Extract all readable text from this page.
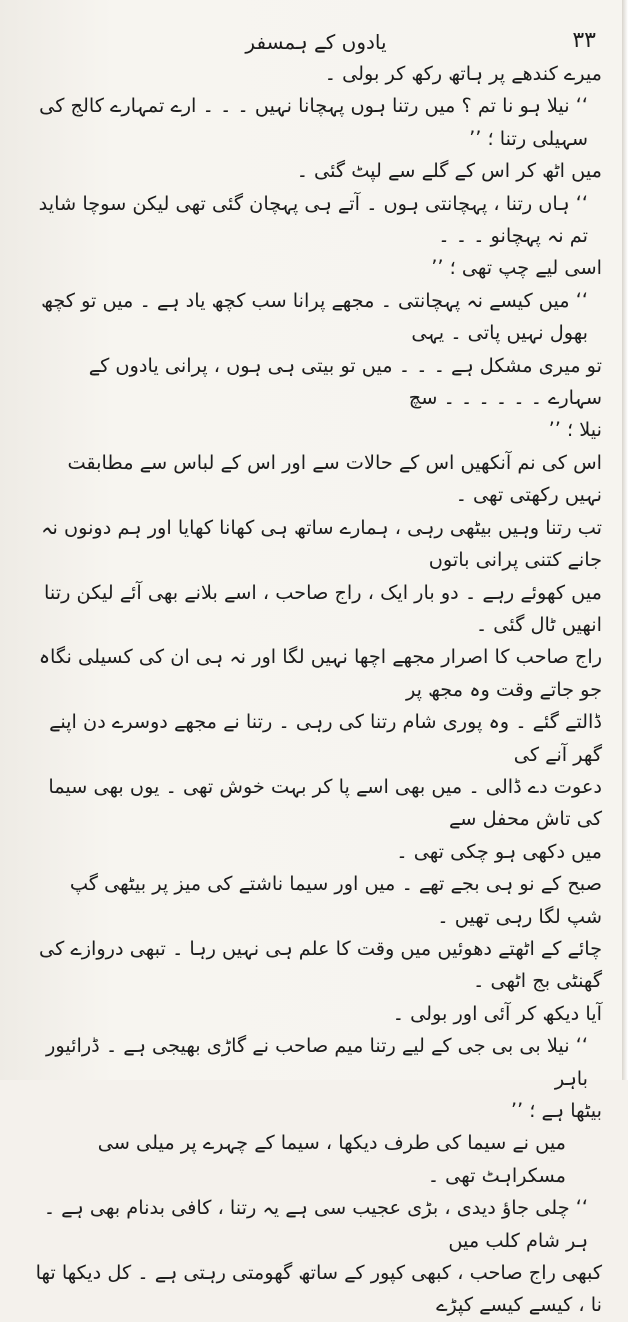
۳۳
یادوں کے ہمسفر

میرے کندھے پر ہاتھ رکھ کر بولی ۔

‘‘ نیلا ہو نا تم ؟ میں رتنا ہوں پہچانا نہیں ۔ ۔ ۔ ارے تمہارے کالج کی سہیلی رتنا ؛ ’’

میں اٹھ کر اس کے گلے سے لپٹ گئی ۔

‘‘ ہاں رتنا ، پہچانتی ہوں ۔ آتے ہی پہچان گئی تھی لیکن سوچا شاید تم نہ پہچانو ۔ ۔ ۔

اسی لیے چپ تھی ؛ ’’

‘‘ میں کیسے نہ پہچانتی ۔ مجھے پرانا سب کچھ یاد ہے ۔ میں تو کچھ بھول نہیں پاتی ۔ یہی

تو میری مشکل ہے ۔ ۔ ۔ میں تو بیتی ہی ہوں ، پرانی یادوں کے سہارے ۔ ۔ ۔ ۔ ۔ ۔ سچ

نیلا ؛ ’’

اس کی نم آنکھیں اس کے حالات سے اور اس کے لباس سے مطابقت نہیں رکھتی تھی ۔

تب رتنا وہیں بیٹھی رہی ، ہمارے ساتھ ہی کھانا کھایا اور ہم دونوں نہ جانے کتنی پرانی باتوں

میں کھوئے رہے ۔ دو بار ایک ، راج صاحب ، اسے بلانے بھی آئے لیکن رتنا انھیں ٹال گئی ۔

راج صاحب کا اصرار مجھے اچھا نہیں لگا اور نہ ہی ان کی کسیلی نگاہ جو جاتے وقت وہ مجھ پر

ڈالتے گئے ۔ وہ پوری شام رتنا کی رہی ۔ رتنا نے مجھے دوسرے دن اپنے گھر آنے کی

دعوت دے ڈالی ۔ میں بھی اسے پا کر بہت خوش تھی ۔ یوں بھی سیما کی تاش محفل سے

میں دکھی ہو چکی تھی ۔

صبح کے نو ہی بجے تھے ۔ میں اور سیما ناشتے کی میز پر بیٹھی گپ شپ لگا رہی تھیں ۔

چائے کے اٹھتے دھوئیں میں وقت کا علم ہی نہیں رہا ۔ تبھی دروازے کی گھنٹی بج اٹھی ۔

آیا دیکھ کر آئی اور بولی ۔

‘‘ نیلا بی بی جی کے لیے رتنا میم صاحب نے گاڑی بھیجی ہے ۔ ڈرائیور باہر

بیٹھا ہے ؛ ’’

میں نے سیما کی طرف دیکھا ، سیما کے چہرے پر میلی سی مسکراہٹ تھی ۔

‘‘ چلی جاؤ دیدی ، بڑی عجیب سی ہے یہ رتنا ، کافی بدنام بھی ہے ۔ ہر شام کلب میں

کبھی راج صاحب ، کبھی کپور کے ساتھ گھومتی رہتی ہے ۔ کل دیکھا تھا نا ، کیسے کیسے کپڑے
